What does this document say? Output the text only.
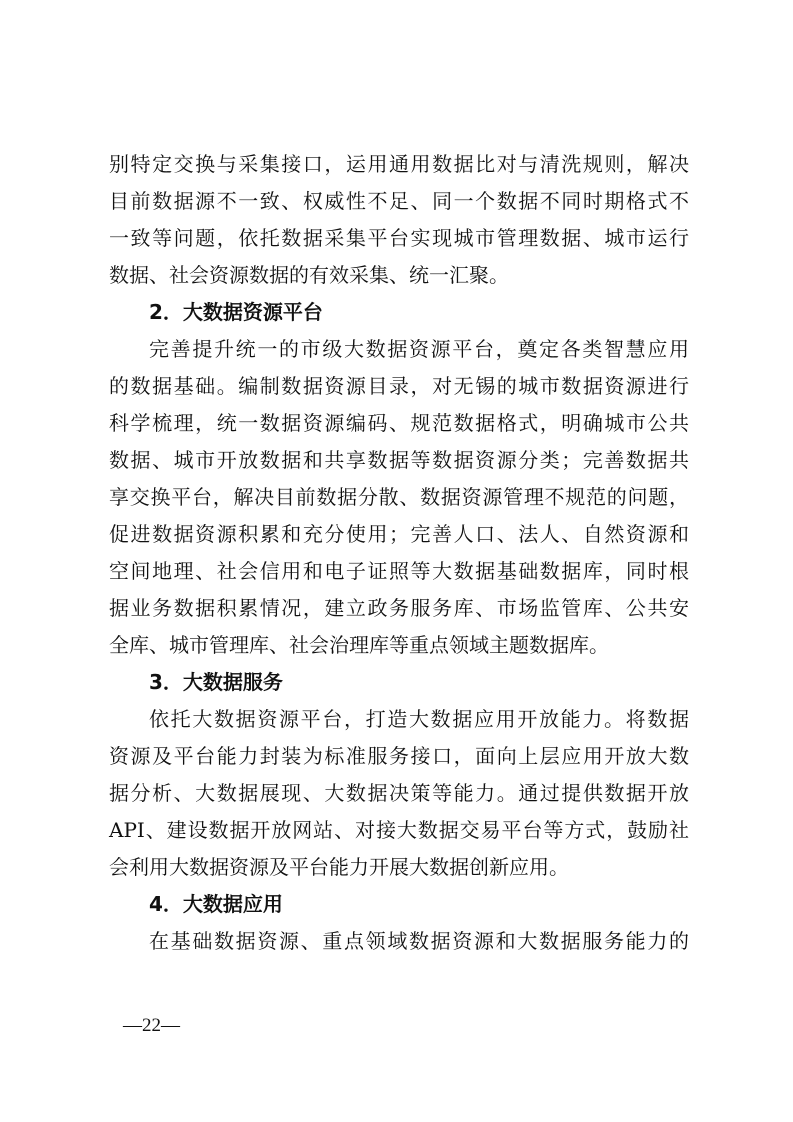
别特定交换与采集接口，运用通用数据比对与清洗规则，解决
目前数据源不一致、权威性不足、同一个数据不同时期格式不
一致等问题，依托数据采集平台实现城市管理数据、城市运行
数据、社会资源数据的有效采集、统一汇聚。
2．大数据资源平台
完善提升统一的市级大数据资源平台，奠定各类智慧应用
的数据基础。编制数据资源目录，对无锡的城市数据资源进行
科学梳理，统一数据资源编码、规范数据格式，明确城市公共
数据、城市开放数据和共享数据等数据资源分类；完善数据共
享交换平台，解决目前数据分散、数据资源管理不规范的问题，
促进数据资源积累和充分使用；完善人口、法人、自然资源和
空间地理、社会信用和电子证照等大数据基础数据库，同时根
据业务数据积累情况，建立政务服务库、市场监管库、公共安
全库、城市管理库、社会治理库等重点领域主题数据库。
3．大数据服务
依托大数据资源平台，打造大数据应用开放能力。将数据
资源及平台能力封装为标准服务接口，面向上层应用开放大数
据分析、大数据展现、大数据决策等能力。通过提供数据开放
API、建设数据开放网站、对接大数据交易平台等方式，鼓励社
会利用大数据资源及平台能力开展大数据创新应用。
4．大数据应用
在基础数据资源、重点领域数据资源和大数据服务能力的
—22—
